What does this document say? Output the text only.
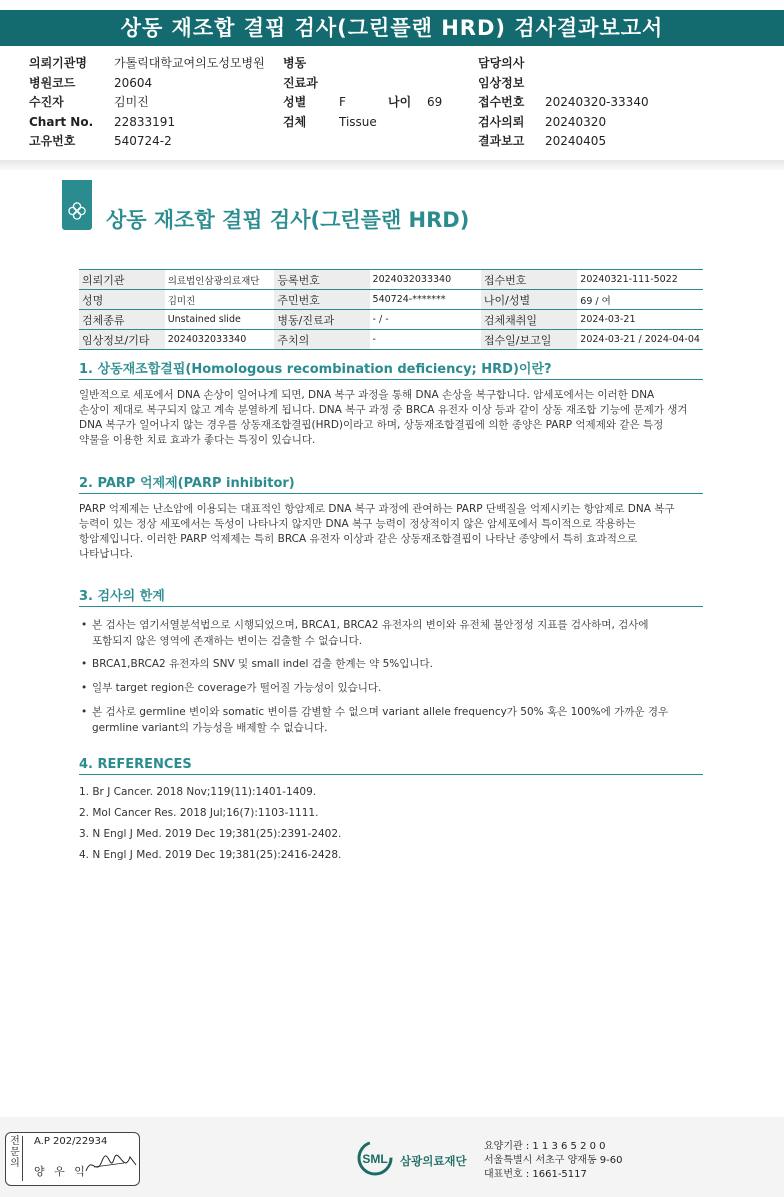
상동 재조합 결핍 검사(그린플랜 HRD) 검사결과보고서
의뢰기관명 가톨릭대학교여의도성모병원
병원코드	20604
수진자	김미진
Chart No. 22833191
고유번호	540724-2
병동
진료과
성별	F	나이 69
검체	Tissue
담당의사
임상정보
접수번호 20240320-33340
검사의뢰 20240320
결과보고 20240405
상동 재조합 결핍 검사(그린플랜 HRD)
의뢰기관	의료법인삼광의료재단	등록번호	2024032033340	접수번호	20240321-111-5022
성명	김미진	주민번호	540724-*******	나이/성별	69 / 여
검체종류	Unstained slide	병동/진료과	- / -	검체채취일	2024-03-21
임상정보/기타	2024032033340	주치의	-	접수일/보고일	2024-03-21 / 2024-04-04
1. 상동재조합결핍(Homologous recombination deficiency; HRD)이란?
일반적으로 세포에서 DNA 손상이 일어나게 되면, DNA 복구 과정을 통해 DNA 손상을 복구합니다. 암세포에서는 이러한 DNA
손상이 제대로 복구되지 않고 계속 분열하게 됩니다. DNA 복구 과정 중 BRCA 유전자 이상 등과 같이 상동 재조합 기능에 문제가 생겨
DNA 복구가 일어나지 않는 경우를 상동재조합결핍(HRD)이라고 하며, 상동재조합결핍에 의한 종양은 PARP 억제제와 같은 특정
약물을 이용한 치료 효과가 좋다는 특징이 있습니다.
2. PARP 억제제(PARP inhibitor)
PARP 억제제는 난소암에 이용되는 대표적인 항암제로 DNA 복구 과정에 관여하는 PARP 단백질을 억제시키는 항암제로 DNA 복구
능력이 있는 정상 세포에서는 독성이 나타나지 않지만 DNA 복구 능력이 정상적이지 않은 암세포에서 특이적으로 작용하는
항암제입니다. 이러한 PARP 억제제는 특히 BRCA 유전자 이상과 같은 상동재조합결핍이 나타난 종양에서 특히 효과적으로
나타납니다.
3. 검사의 한계
• 본 검사는 염기서열분석법으로 시행되었으며, BRCA1, BRCA2 유전자의 변이와 유전체 불안정성 지표를 검사하며, 검사에
포함되지 않은 영역에 존재하는 변이는 검출할 수 없습니다.
• BRCA1,BRCA2 유전자의 SNV 및 small indel 검출 한계는 약 5%입니다.
• 일부 target region은 coverage가 떨어질 가능성이 있습니다.
• 본 검사로 germline 변이와 somatic 변이를 감별할 수 없으며 variant allele frequency가 50% 혹은 100%에 가까운 경우
germline variant의 가능성을 배제할 수 없습니다.
4. REFERENCES
1. Br J Cancer. 2018 Nov;119(11):1401-1409.
2. Mol Cancer Res. 2018 Jul;16(7):1103-1111.
3. N Engl J Med. 2019 Dec 19;381(25):2391-2402.
4. N Engl J Med. 2019 Dec 19;381(25):2416-2428.
전문의
A.P 202/22934
양 우 익
SML 삼광의료재단
요양기관 : 1 1 3 6 5 2 0 0
서울특별시 서초구 양재동 9-60
대표번호 : 1661-5117
